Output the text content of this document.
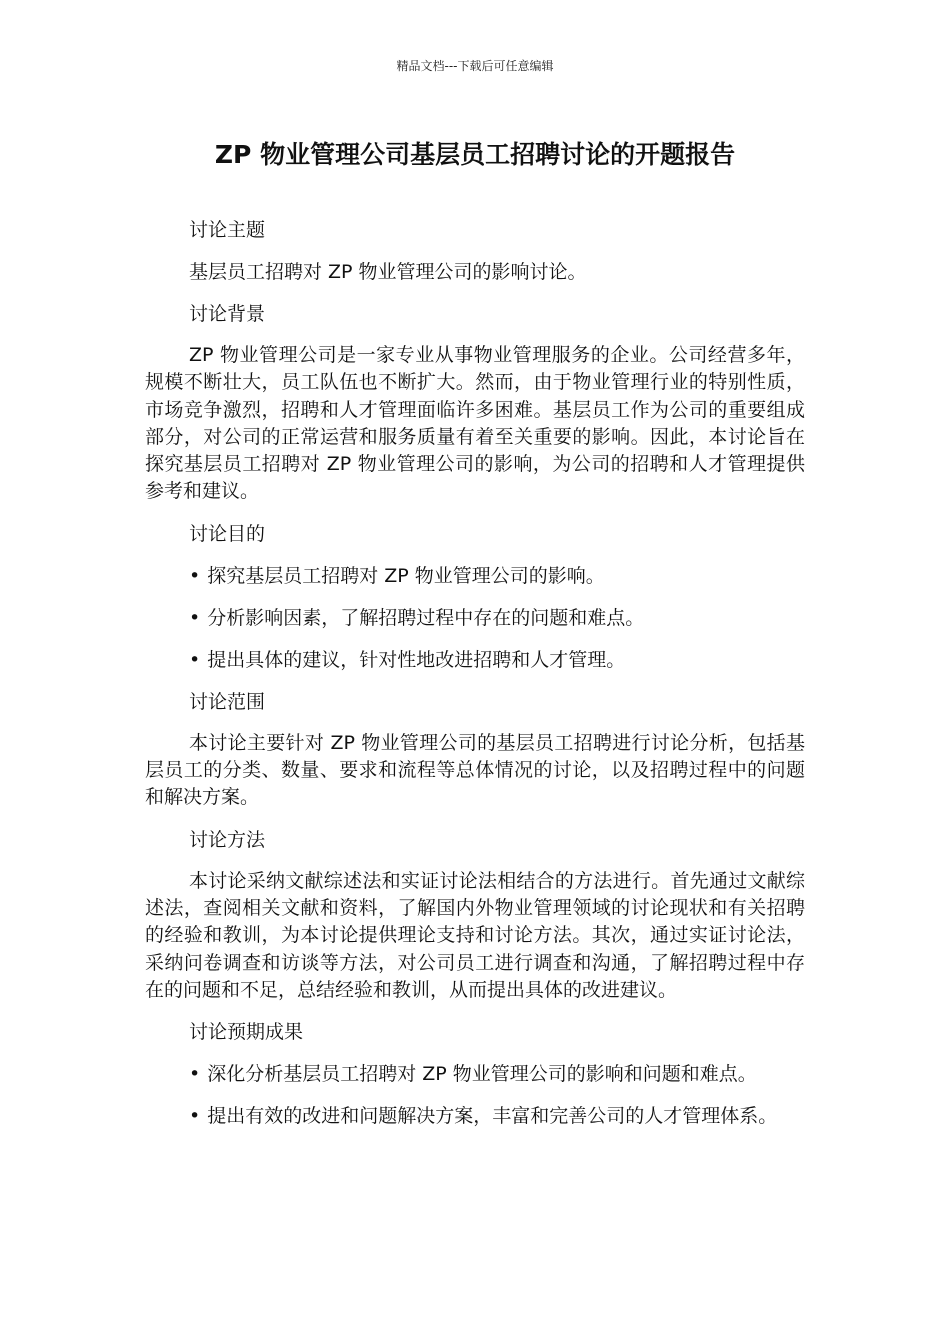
精品文档---下载后可任意编辑
ZP 物业管理公司基层员工招聘讨论的开题报告

讨论主题

基层员工招聘对 ZP 物业管理公司的影响讨论。

讨论背景

ZP 物业管理公司是一家专业从事物业管理服务的企业。公司经营多年，规模不断壮大，员工队伍也不断扩大。然而，由于物业管理行业的特别性质，市场竞争激烈，招聘和人才管理面临许多困难。基层员工作为公司的重要组成部分，对公司的正常运营和服务质量有着至关重要的影响。因此，本讨论旨在探究基层员工招聘对 ZP 物业管理公司的影响，为公司的招聘和人才管理提供参考和建议。

讨论目的

• 探究基层员工招聘对 ZP 物业管理公司的影响。

• 分析影响因素，了解招聘过程中存在的问题和难点。

• 提出具体的建议，针对性地改进招聘和人才管理。

讨论范围

本讨论主要针对 ZP 物业管理公司的基层员工招聘进行讨论分析，包括基层员工的分类、数量、要求和流程等总体情况的讨论，以及招聘过程中的问题和解决方案。

讨论方法

本讨论采纳文献综述法和实证讨论法相结合的方法进行。首先通过文献综述法，查阅相关文献和资料，了解国内外物业管理领域的讨论现状和有关招聘的经验和教训，为本讨论提供理论支持和讨论方法。其次，通过实证讨论法，采纳问卷调查和访谈等方法，对公司员工进行调查和沟通，了解招聘过程中存在的问题和不足，总结经验和教训，从而提出具体的改进建议。

讨论预期成果

• 深化分析基层员工招聘对 ZP 物业管理公司的影响和问题和难点。

• 提出有效的改进和问题解决方案，丰富和完善公司的人才管理体系。
